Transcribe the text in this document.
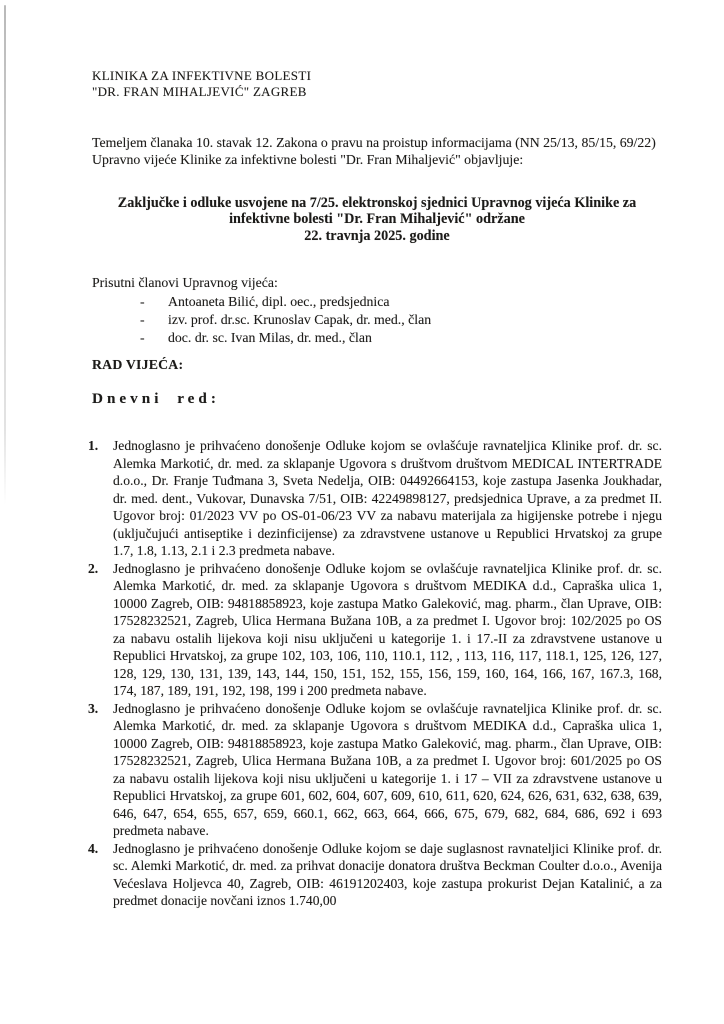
KLINIKA ZA INFEKTIVNE BOLESTI
"DR. FRAN MIHALJEVIĆ" ZAGREB

Temeljem članaka 10. stavak 12. Zakona o pravu na proistup informacijama (NN 25/13, 85/15, 69/22) Upravno vijeće Klinike za infektivne bolesti "Dr. Fran Mihaljević" objavljuje:

Zaključke i odluke usvojene na 7/25. elektronskoj sjednici Upravnog vijeća Klinike za
infektivne bolesti "Dr. Fran Mihaljević" održane
22. travnja 2025. godine

Prisutni članovi Upravnog vijeća:

-	Antoaneta Bilić, dipl. oec., predsjednica
-	izv. prof. dr.sc. Krunoslav Capak, dr. med., član
-	doc. dr. sc. Ivan Milas, dr. med., član

RAD VIJEĆA:

Dnevni red:

1.	Jednoglasno je prihvaćeno donošenje Odluke kojom se ovlašćuje ravnateljica Klinike prof. dr. sc. Alemka Markotić, dr. med. za sklapanje Ugovora s društvom društvom MEDICAL INTERTRADE d.o.o., Dr. Franje Tuđmana 3, Sveta Nedelja, OIB: 04492664153, koje zastupa Jasenka Joukhadar, dr. med. dent., Vukovar, Dunavska 7/51, OIB: 42249898127, predsjednica Uprave, a za predmet II. Ugovor broj: 01/2023 VV po OS-01-06/23 VV za nabavu materijala za higijenske potrebe i njegu (uključujući antiseptike i dezinficijense) za zdravstvene ustanove u Republici Hrvatskoj za grupe 1.7, 1.8, 1.13, 2.1 i 2.3 predmeta nabave.
2.	Jednoglasno je prihvaćeno donošenje Odluke kojom se ovlašćuje ravnateljica Klinike prof. dr. sc. Alemka Markotić, dr. med. za sklapanje Ugovora s društvom MEDIKA d.d., Capraška ulica 1, 10000 Zagreb, OIB: 94818858923, koje zastupa Matko Galeković, mag. pharm., član Uprave, OIB: 17528232521, Zagreb, Ulica Hermana Bužana 10B, a za predmet I. Ugovor broj: 102/2025 po OS za nabavu ostalih lijekova koji nisu uključeni u kategorije 1. i 17.-II za zdravstvene ustanove u Republici Hrvatskoj, za grupe 102, 103, 106, 110, 110.1, 112, , 113, 116, 117, 118.1, 125, 126, 127, 128, 129, 130, 131, 139, 143, 144, 150, 151, 152, 155, 156, 159, 160, 164, 166, 167, 167.3, 168, 174, 187, 189, 191, 192, 198, 199 i 200 predmeta nabave.
3.	Jednoglasno je prihvaćeno donošenje Odluke kojom se ovlašćuje ravnateljica Klinike prof. dr. sc. Alemka Markotić, dr. med. za sklapanje Ugovora s društvom MEDIKA d.d., Capraška ulica 1, 10000 Zagreb, OIB: 94818858923, koje zastupa Matko Galeković, mag. pharm., član Uprave, OIB: 17528232521, Zagreb, Ulica Hermana Bužana 10B, a za predmet I. Ugovor broj: 601/2025 po OS za nabavu ostalih lijekova koji nisu uključeni u kategorije 1. i 17 – VII za zdravstvene ustanove u Republici Hrvatskoj, za grupe 601, 602, 604, 607, 609, 610, 611, 620, 624, 626, 631, 632, 638, 639, 646, 647, 654, 655, 657, 659, 660.1, 662, 663, 664, 666, 675, 679, 682, 684, 686, 692 i 693 predmeta nabave.
4.	Jednoglasno je prihvaćeno donošenje Odluke kojom se daje suglasnost ravnateljici Klinike prof. dr. sc. Alemki Markotić, dr. med. za prihvat donacije donatora društva Beckman Coulter d.o.o., Avenija Većeslava Holjevca 40, Zagreb, OIB: 46191202403, koje zastupa prokurist Dejan Katalinić, a za predmet donacije novčani iznos 1.740,00
